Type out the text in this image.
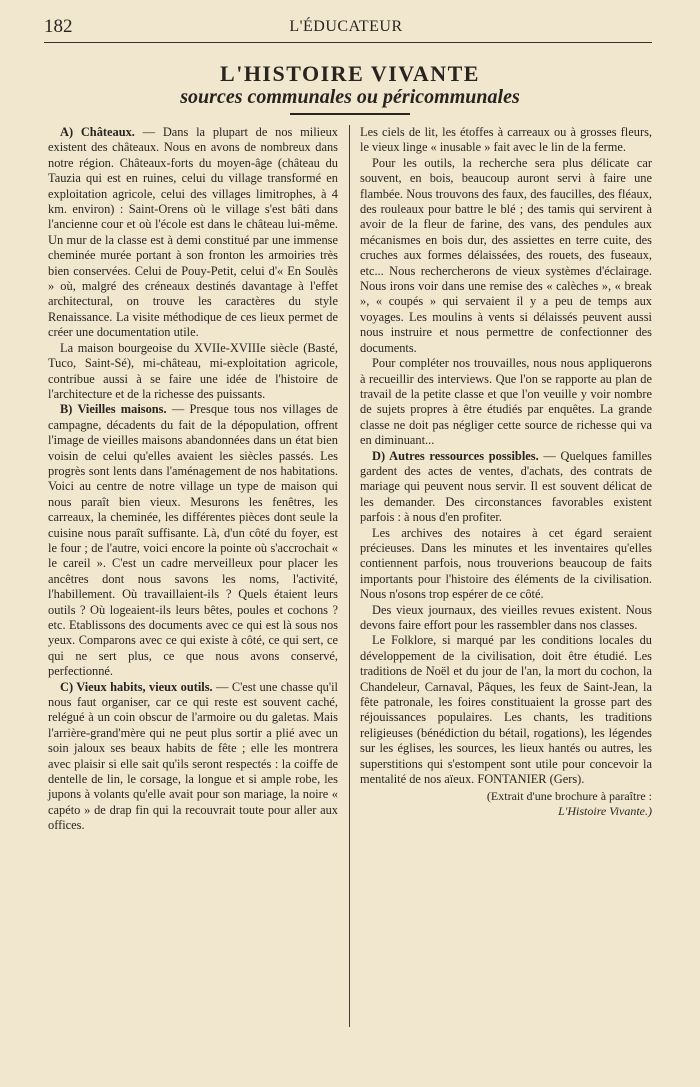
182	L'ÉDUCATEUR
L'HISTOIRE VIVANTE
sources communales ou péricommunales

A) Châteaux. — Dans la plupart de nos milieux existent des châteaux. Nous en avons de nombreux dans notre région. Châteaux-forts du moyen-âge (château du Tauzia qui est en ruines, celui du village transformé en exploitation agricole, celui des villages limitrophes, à 4 km. environ) : Saint-Orens où le village s'est bâti dans l'ancienne cour et où l'école est dans le château lui-même. Un mur de la classe est à demi constitué par une immense cheminée murée portant à son fronton les armoiries très bien conservées. Celui de Pouy-Petit, celui d'« En Soulès » où, malgré des créneaux destinés davantage à l'effet architectural, on trouve les caractères du style Renaissance. La visite méthodique de ces lieux permet de créer une documentation utile.

La maison bourgeoise du XVIIe-XVIIIe siècle (Basté, Tuco, Saint-Sé), mi-château, mi-exploitation agricole, contribue aussi à se faire une idée de l'histoire de l'architecture et de la richesse des puissants.

B) Vieilles maisons. — Presque tous nos villages de campagne, décadents du fait de la dépopulation, offrent l'image de vieilles maisons abandonnées dans un état bien voisin de celui qu'elles avaient les siècles passés. Les progrès sont lents dans l'aménagement de nos habitations. Voici au centre de notre village un type de maison qui nous paraît bien vieux. Mesurons les fenêtres, les carreaux, la cheminée, les différentes pièces dont seule la cuisine nous paraît suffisante. Là, d'un côté du foyer, est le four ; de l'autre, voici encore la pointe où s'accrochait « le careil ». C'est un cadre merveilleux pour placer les ancêtres dont nous savons les noms, l'activité, l'habillement. Où travaillaient-ils ? Quels étaient leurs outils ? Où logeaient-ils leurs bêtes, poules et cochons ? etc. Etablissons des documents avec ce qui est là sous nos yeux. Comparons avec ce qui existe à côté, ce qui sert, ce qui ne sert plus, ce que nous avons conservé, perfectionné.

C) Vieux habits, vieux outils. — C'est une chasse qu'il nous faut organiser, car ce qui reste est souvent caché, relégué à un coin obscur de l'armoire ou du galetas. Mais l'arrière-grand'mère qui ne peut plus sortir a plié avec un soin jaloux ses beaux habits de fête ; elle les montrera avec plaisir si elle sait qu'ils seront respectés : la coiffe de dentelle de lin, le corsage, la longue et si ample robe, les jupons à volants qu'elle avait pour son mariage, la noire « capéto » de drap fin qui la recouvrait toute pour aller aux offices.

Les ciels de lit, les étoffes à carreaux ou à grosses fleurs, le vieux linge « inusable » fait avec le lin de la ferme.

Pour les outils, la recherche sera plus délicate car souvent, en bois, beaucoup auront servi à faire une flambée. Nous trouvons des faux, des faucilles, des fléaux, des rouleaux pour battre le blé ; des tamis qui servirent à avoir de la fleur de farine, des vans, des pendules aux mécanismes en bois dur, des assiettes en terre cuite, des cruches aux formes délaissées, des rouets, des fuseaux, etc... Nous rechercherons de vieux systèmes d'éclairage. Nous irons voir dans une remise des « calèches », « break », « coupés » qui servaient il y a peu de temps aux voyages. Les moulins à vents si délaissés peuvent aussi nous instruire et nous permettre de confectionner des documents.

Pour compléter nos trouvailles, nous nous appliquerons à recueillir des interviews. Que l'on se rapporte au plan de travail de la petite classe et que l'on veuille y voir nombre de sujets propres à être étudiés par enquêtes. La grande classe ne doit pas négliger cette source de richesse qui va en diminuant...

D) Autres ressources possibles. — Quelques familles gardent des actes de ventes, d'achats, des contrats de mariage qui peuvent nous servir. Il est souvent délicat de les demander. Des circonstances favorables existent parfois : à nous d'en profiter.

Les archives des notaires à cet égard seraient précieuses. Dans les minutes et les inventaires qu'elles contiennent parfois, nous trouverions beaucoup de faits importants pour l'histoire des éléments de la civilisation. Nous n'osons trop espérer de ce côté.

Des vieux journaux, des vieilles revues existent. Nous devons faire effort pour les rassembler dans nos classes.

Le Folklore, si marqué par les conditions locales du développement de la civilisation, doit être étudié. Les traditions de Noël et du jour de l'an, la mort du cochon, la Chandeleur, Carnaval, Pâques, les feux de Saint-Jean, la fête patronale, les foires constituaient la grosse part des réjouissances populaires. Les chants, les traditions religieuses (bénédiction du bétail, rogations), les légendes sur les églises, les sources, les lieux hantés ou autres, les superstitions qui s'estompent sont utile pour concevoir la mentalité de nos aïeux. FONTANIER (Gers).

(Extrait d'une brochure à paraître :
L'Histoire Vivante.)
